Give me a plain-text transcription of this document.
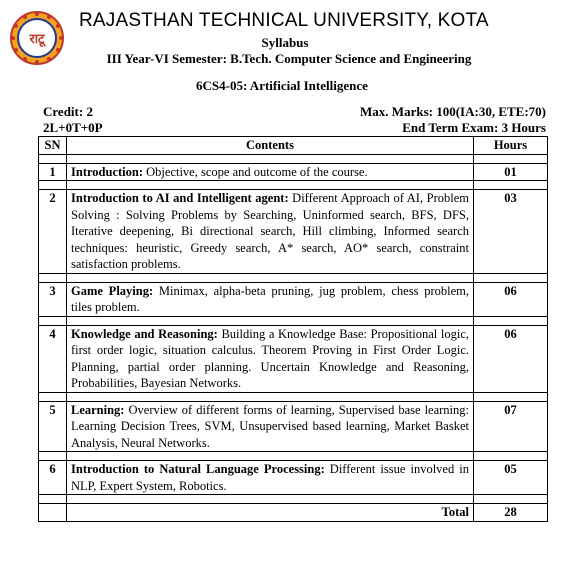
राटू
RAJASTHAN TECHNICAL UNIVERSITY, KOTA
Syllabus
III Year-VI Semester: B.Tech. Computer Science and Engineering
6CS4-05: Artificial Intelligence
Credit: 2
2L+0T+0P
Max. Marks: 100(IA:30, ETE:70)
End Term Exam: 3 Hours
SN	Contents	Hours

1	Introduction: Objective, scope and outcome of the course.	01

2	Introduction to AI and Intelligent agent: Different Approach of AI, Problem Solving : Solving Problems by Searching, Uninformed search, BFS, DFS, Iterative deepening, Bi directional search, Hill climbing, Informed search techniques: heuristic, Greedy search, A* search, AO* search, constraint satisfaction problems.	03

3	Game Playing: Minimax, alpha-beta pruning, jug problem, chess problem, tiles problem.	06

4	Knowledge and Reasoning: Building a Knowledge Base: Propositional logic, first order logic, situation calculus. Theorem Proving in First Order Logic. Planning, partial order planning. Uncertain Knowledge and Reasoning, Probabilities, Bayesian Networks.	06

5	Learning: Overview of different forms of learning, Supervised base learning: Learning Decision Trees, SVM, Unsupervised based learning, Market Basket Analysis, Neural Networks.	07

6	Introduction to Natural Language Processing: Different issue involved in NLP, Expert System, Robotics.	05

	Total	28
